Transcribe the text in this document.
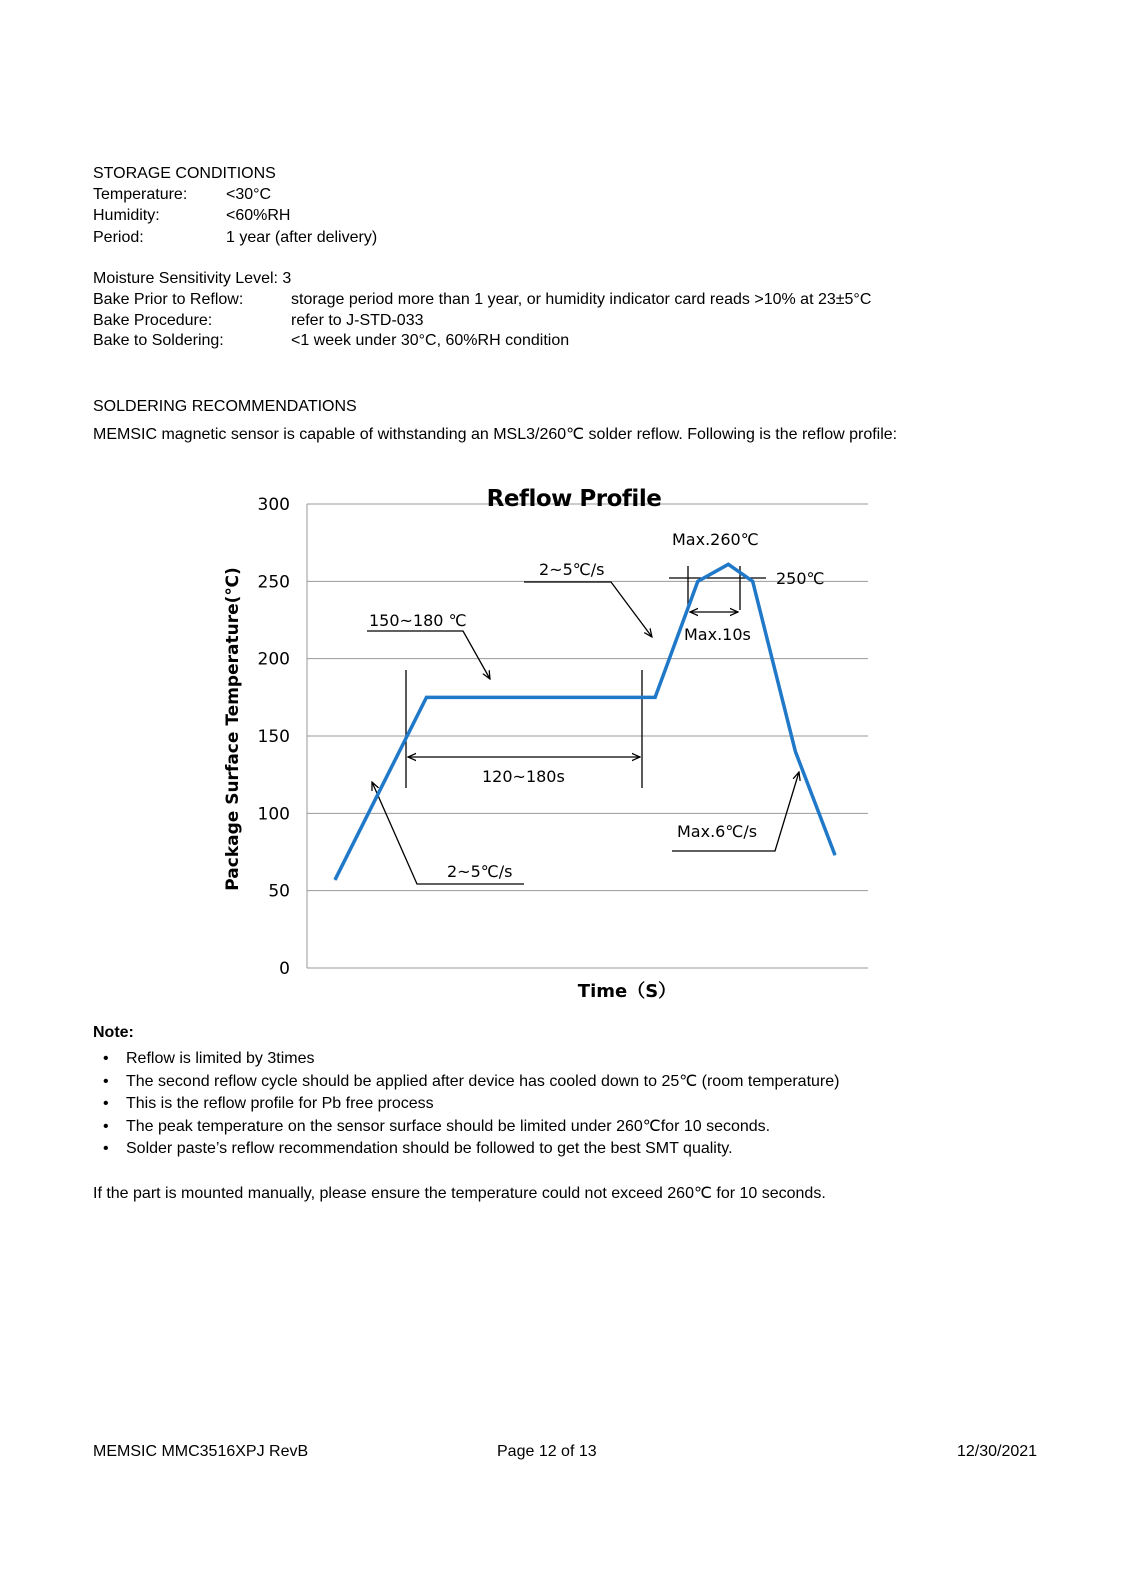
STORAGE CONDITIONS
Temperature: <30°C
Humidity:	<60%RH
Period:	1 year (after delivery)
Moisture Sensitivity Level: 3
Bake Prior to Reflow:	storage period more than 1 year, or humidity indicator card reads >10% at 23±5°C
Bake Procedure:	refer to J-STD-033
Bake to Soldering:	<1 week under 30°C, 60%RH condition
SOLDERING RECOMMENDATIONS
MEMSIC magnetic sensor is capable of withstanding an MSL3/260℃ solder reflow. Following is the reflow profile:
0
50
100
150
200
250
300	Reflow Profile
Package Surface Temperature(℃)
Time（S）
Max.260℃
250℃
2~5℃/s
150~180 ℃
Max.10s
120~180s
Max.6℃/s
2~5℃/s
Note:
• Reflow is limited by 3times
• The second reflow cycle should be applied after device has cooled down to 25℃ (room temperature)
• This is the reflow profile for Pb free process
• The peak temperature on the sensor surface should be limited under 260℃for 10 seconds.
• Solder paste’s reflow recommendation should be followed to get the best SMT quality.
If the part is mounted manually, please ensure the temperature could not exceed 260℃ for 10 seconds.
MEMSIC MMC3516XPJ RevB	Page 12 of 13	12/30/2021
